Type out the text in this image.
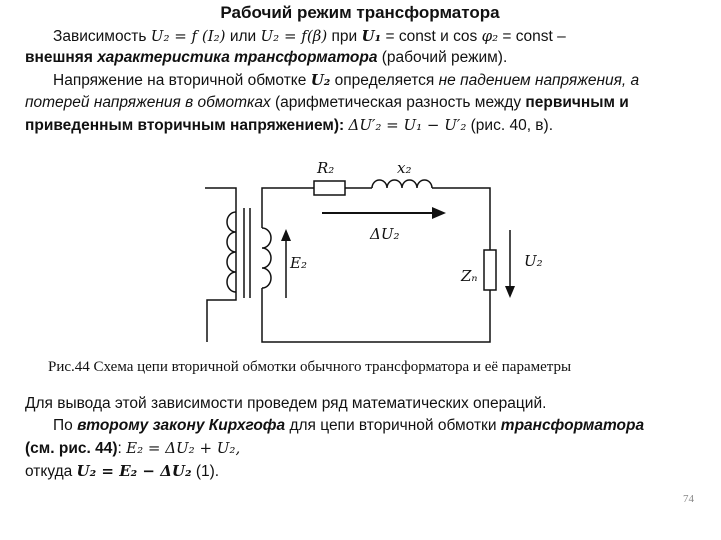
Рабочий режим трансформатора
Зависимость U₂ = f (I₂) или U₂ = f(β) при U₁ = const и cos φ₂ = const –
внешняя характеристика трансформатора (рабочий режим).
Напряжение на вторичной обмотке U₂ определяется не падением напряжения, а потерей напряжения в обмотках (арифметическая разность между первичным и приведенным вторичным напряжением): ΔU′₂ = U₁ − U′₂ (рис. 40, в).
R₂	x₂
ΔU₂
E₂
Zₙ
U₂
Рис.44 Схема цепи вторичной обмотки обычного трансформатора и её параметры
Для вывода этой зависимости проведем ряд математических операций.
По второму закону Кирхгофа для цепи вторичной обмотки трансформатора
(см. рис. 44): E₂ = ΔU₂ + U₂,
откуда U₂ = E₂ − ΔU₂ (1).
74
